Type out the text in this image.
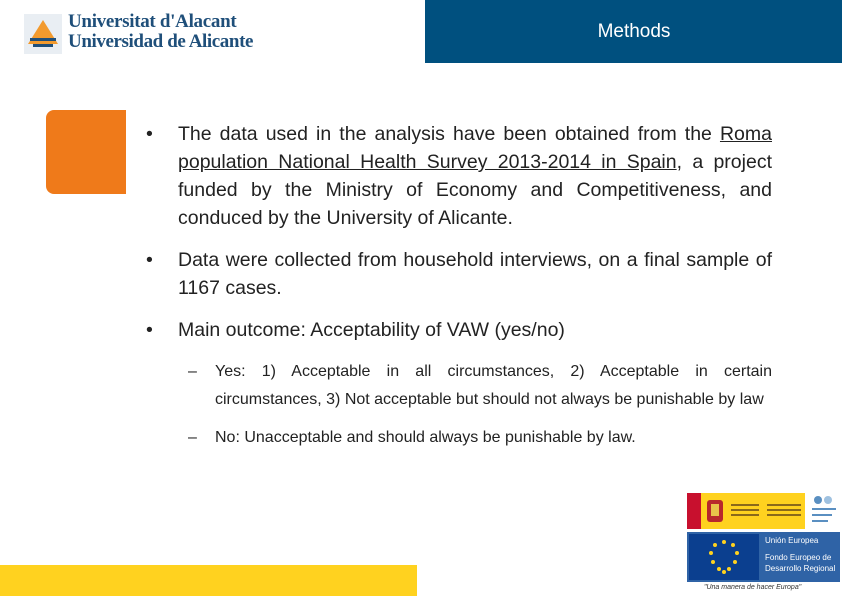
Universitat d'Alacant
Universidad de Alicante	Methods
• The data used in the analysis have been obtained from the Roma population National Health Survey 2013-2014 in Spain, a project funded by the Ministry of Economy and Competitiveness, and conduced by the University of Alicante.
• Data were collected from household interviews, on a final sample of 1167 cases.
• Main outcome: Acceptability of VAW (yes/no)
– Yes: 1) Acceptable in all circumstances, 2) Acceptable in certain circumstances, 3) Not acceptable but should not always be punishable by law
– No: Unacceptable and should always be punishable by law.
Unión Europea
Fondo Europeo de
Desarrollo Regional
"Una manera de hacer Europa"
